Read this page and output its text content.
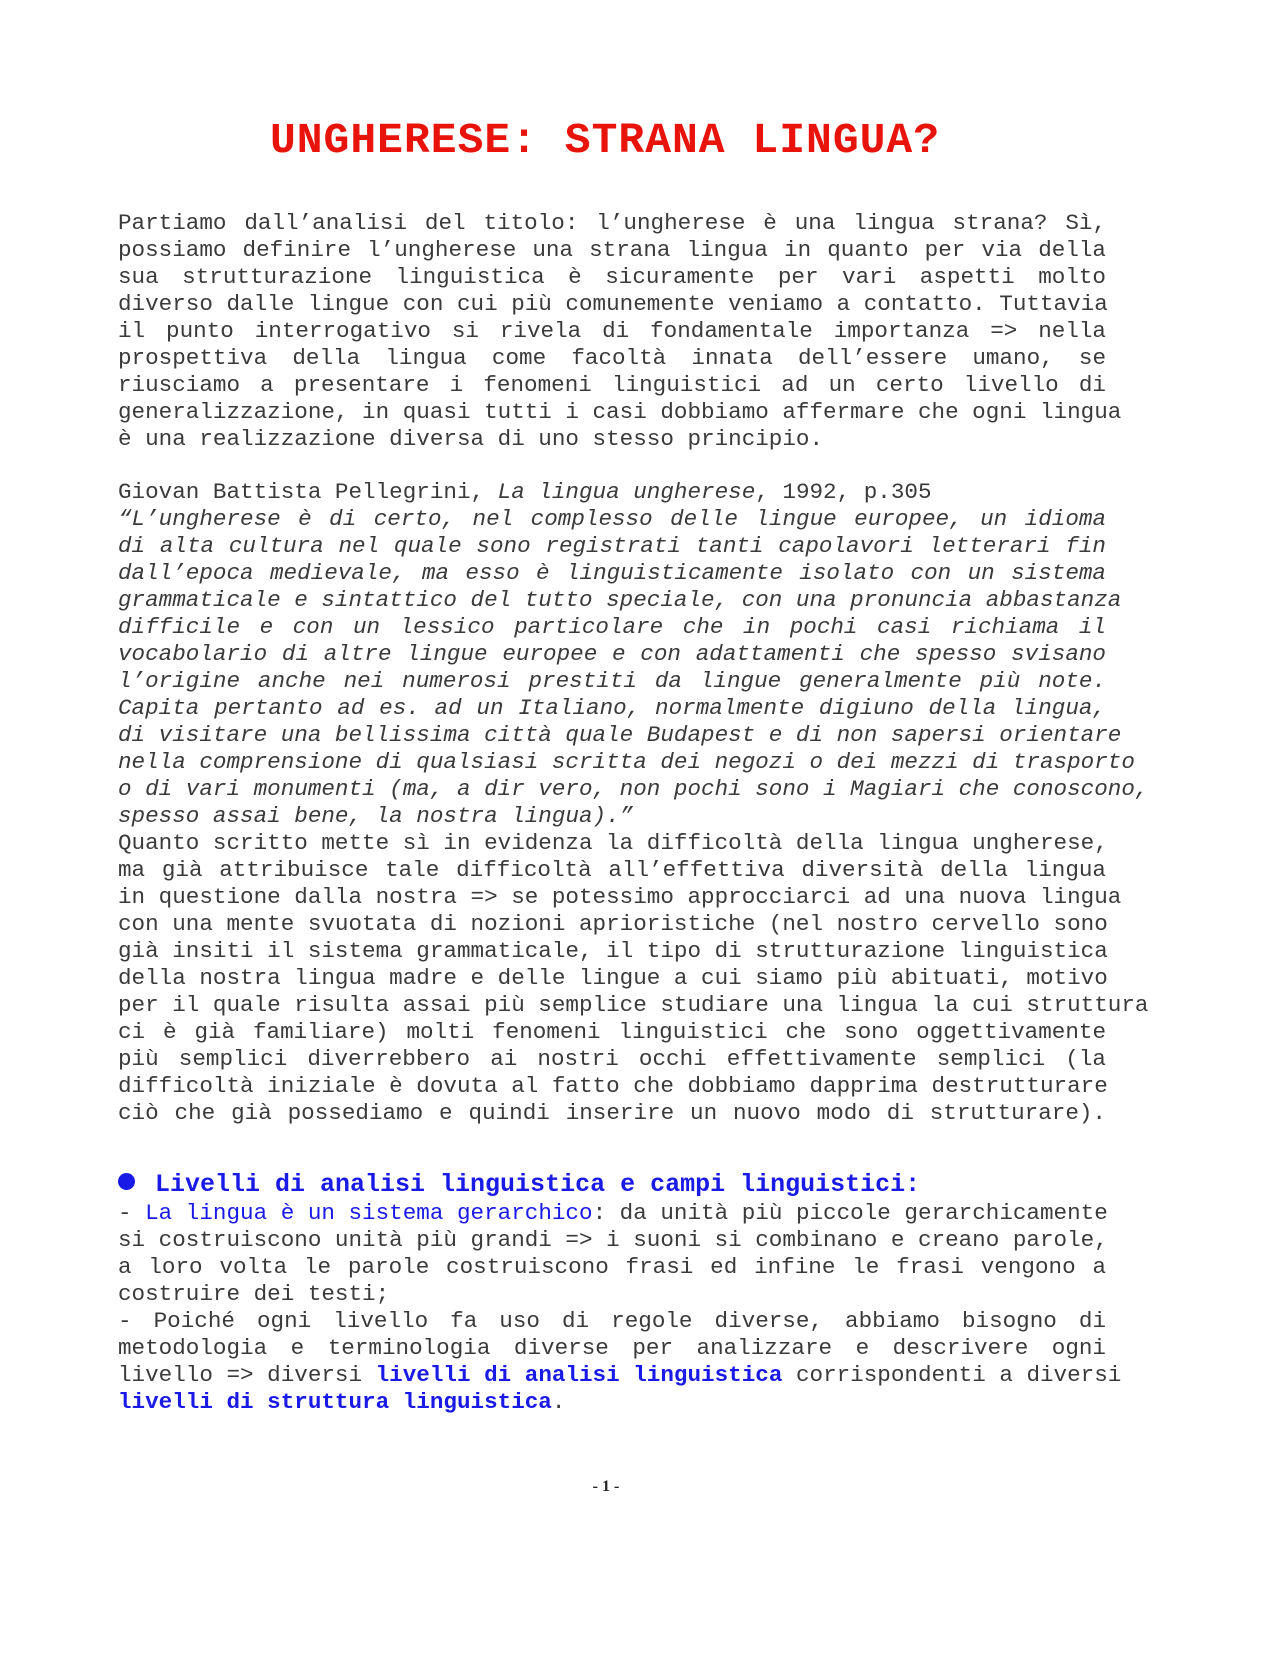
UNGHERESE: STRANA LINGUA?
Partiamo dall’analisi del titolo: l’ungherese è una lingua strana? Sì,
possiamo definire l’ungherese una strana lingua in quanto per via della
sua strutturazione linguistica è sicuramente per vari aspetti molto
diverso dalle lingue con cui più comunemente veniamo a contatto. Tuttavia
il punto interrogativo si rivela di fondamentale importanza => nella
prospettiva della lingua come facoltà innata dell’essere umano, se
riusciamo a presentare i fenomeni linguistici ad un certo livello di
generalizzazione, in quasi tutti i casi dobbiamo affermare che ogni lingua
è una realizzazione diversa di uno stesso principio.
Giovan Battista Pellegrini, La lingua ungherese, 1992, p.305
“L’ungherese è di certo, nel complesso delle lingue europee, un idioma
di alta cultura nel quale sono registrati tanti capolavori letterari fin
dall’epoca medievale, ma esso è linguisticamente isolato con un sistema
grammaticale e sintattico del tutto speciale, con una pronuncia abbastanza
difficile e con un lessico particolare che in pochi casi richiama il
vocabolario di altre lingue europee e con adattamenti che spesso svisano
l’origine anche nei numerosi prestiti da lingue generalmente più note.
Capita pertanto ad es. ad un Italiano, normalmente digiuno della lingua,
di visitare una bellissima città quale Budapest e di non sapersi orientare
nella comprensione di qualsiasi scritta dei negozi o dei mezzi di trasporto
o di vari monumenti (ma, a dir vero, non pochi sono i Magiari che conoscono,
spesso assai bene, la nostra lingua).”
Quanto scritto mette sì in evidenza la difficoltà della lingua ungherese,
ma già attribuisce tale difficoltà all’effettiva diversità della lingua
in questione dalla nostra => se potessimo approcciarci ad una nuova lingua
con una mente svuotata di nozioni aprioristiche (nel nostro cervello sono
già insiti il sistema grammaticale, il tipo di strutturazione linguistica
della nostra lingua madre e delle lingue a cui siamo più abituati, motivo
per il quale risulta assai più semplice studiare una lingua la cui struttura
ci è già familiare) molti fenomeni linguistici che sono oggettivamente
più semplici diverrebbero ai nostri occhi effettivamente semplici (la
difficoltà iniziale è dovuta al fatto che dobbiamo dapprima destrutturare
ciò che già possediamo e quindi inserire un nuovo modo di strutturare).
Livelli di analisi linguistica e campi linguistici:
- La lingua è un sistema gerarchico: da unità più piccole gerarchicamente
si costruiscono unità più grandi => i suoni si combinano e creano parole,
a loro volta le parole costruiscono frasi ed infine le frasi vengono a
costruire dei testi;
- Poiché ogni livello fa uso di regole diverse, abbiamo bisogno di
metodologia e terminologia diverse per analizzare e descrivere ogni
livello => diversi livelli di analisi linguistica corrispondenti a diversi
livelli di struttura linguistica.
- 1 -
